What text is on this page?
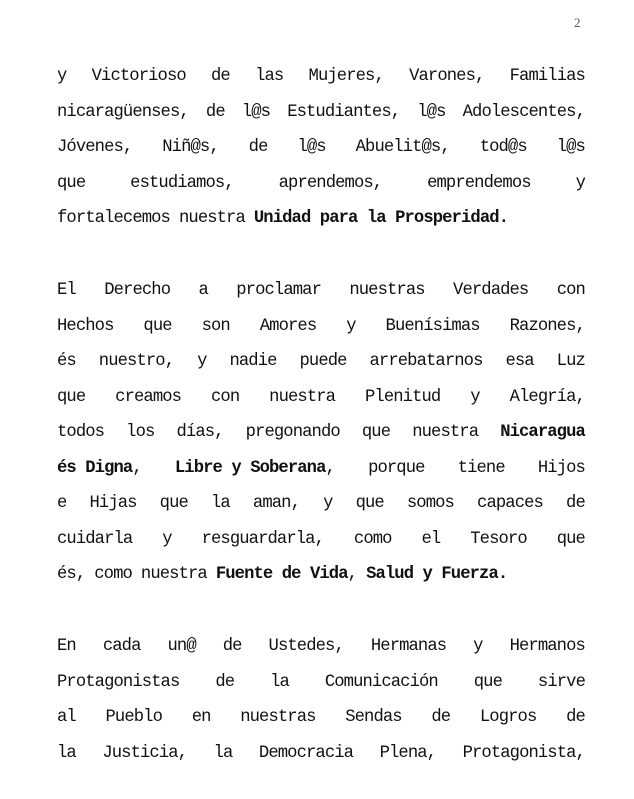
2
y Victorioso de las Mujeres, Varones, Familias
nicaragüenses, de l@s Estudiantes, l@s Adolescentes,
Jóvenes, Niñ@s, de l@s Abuelit@s, tod@s l@s
que	estudiamos,	aprendemos,	emprendemos	y
fortalecemos nuestra Unidad para la Prosperidad.
El Derecho a proclamar nuestras Verdades con
Hechos que son Amores y Buenísimas Razones,
és nuestro, y nadie puede arrebatarnos esa Luz
que creamos con nuestra Plenitud y Alegría,
todos los días, pregonando que nuestra Nicaragua
és Digna, Libre y Soberana, porque tiene Hijos
e Hijas que la aman, y que somos capaces de
cuidarla y resguardarla, como el Tesoro que
és, como nuestra Fuente de Vida, Salud y Fuerza.
En cada un@ de Ustedes, Hermanas y Hermanos
Protagonistas de la Comunicación que sirve
al Pueblo en nuestras Sendas de Logros de
la Justicia, la Democracia Plena, Protagonista,
